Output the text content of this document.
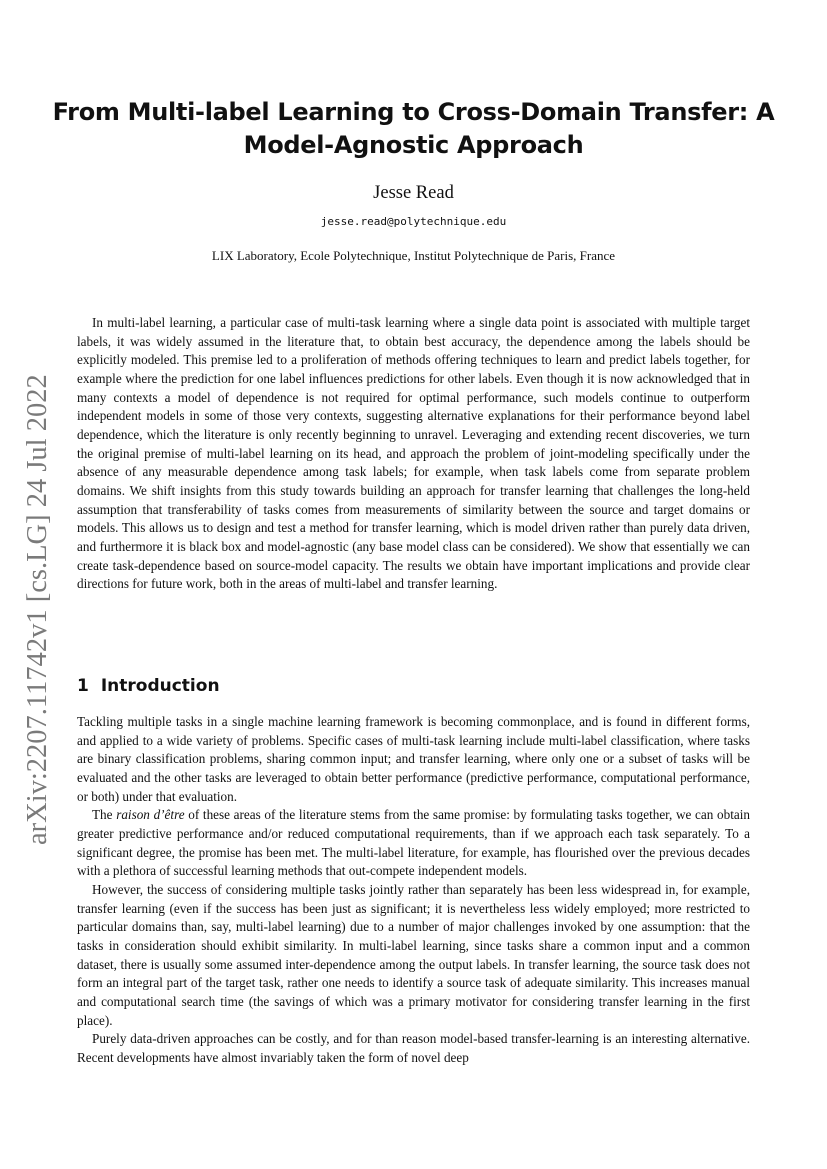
arXiv:2207.11742v1 [cs.LG] 24 Jul 2022
From Multi-label Learning to Cross-Domain Transfer: A Model-Agnostic Approach
Jesse Read
jesse.read@polytechnique.edu
LIX Laboratory, Ecole Polytechnique, Institut Polytechnique de Paris, France

In multi-label learning, a particular case of multi-task learning where a single data point is associated with multiple target labels, it was widely assumed in the literature that, to obtain best accuracy, the dependence among the labels should be explicitly modeled. This premise led to a proliferation of methods offering techniques to learn and predict labels together, for example where the prediction for one label influences predictions for other labels. Even though it is now acknowledged that in many contexts a model of dependence is not required for optimal performance, such models continue to outperform independent models in some of those very contexts, suggesting alternative explanations for their performance beyond label dependence, which the literature is only recently beginning to unravel. Leveraging and extending recent discoveries, we turn the original premise of multi-label learning on its head, and approach the problem of joint-modeling specifically under the absence of any measurable dependence among task labels; for example, when task labels come from separate problem domains. We shift insights from this study towards building an approach for transfer learning that challenges the long-held assumption that transferability of tasks comes from measurements of similarity between the source and target domains or models. This allows us to design and test a method for transfer learning, which is model driven rather than purely data driven, and furthermore it is black box and model-agnostic (any base model class can be considered). We show that essentially we can create task-dependence based on source-model capacity. The results we obtain have important implications and provide clear directions for future work, both in the areas of multi-label and transfer learning.

1 Introduction

Tackling multiple tasks in a single machine learning framework is becoming commonplace, and is found in different forms, and applied to a wide variety of problems. Specific cases of multi-task learning include multi-label classification, where tasks are binary classification problems, sharing common input; and transfer learning, where only one or a subset of tasks will be evaluated and the other tasks are leveraged to obtain better performance (predictive performance, computational performance, or both) under that evaluation.

The raison d’être of these areas of the literature stems from the same promise: by formulating tasks together, we can obtain greater predictive performance and/or reduced computational requirements, than if we approach each task separately. To a significant degree, the promise has been met. The multi-label literature, for example, has flourished over the previous decades with a plethora of successful learning methods that out-compete independent models.

However, the success of considering multiple tasks jointly rather than separately has been less widespread in, for example, transfer learning (even if the success has been just as significant; it is nevertheless less widely employed; more restricted to particular domains than, say, multi-label learning) due to a number of major challenges invoked by one assumption: that the tasks in consideration should exhibit similarity. In multi-label learning, since tasks share a common input and a common dataset, there is usually some assumed inter-dependence among the output labels. In transfer learning, the source task does not form an integral part of the target task, rather one needs to identify a source task of adequate similarity. This increases manual and computational search time (the savings of which was a primary motivator for considering transfer learning in the first place).

Purely data-driven approaches can be costly, and for than reason model-based transfer-learning is an interesting alternative. Recent developments have almost invariably taken the form of novel deep
